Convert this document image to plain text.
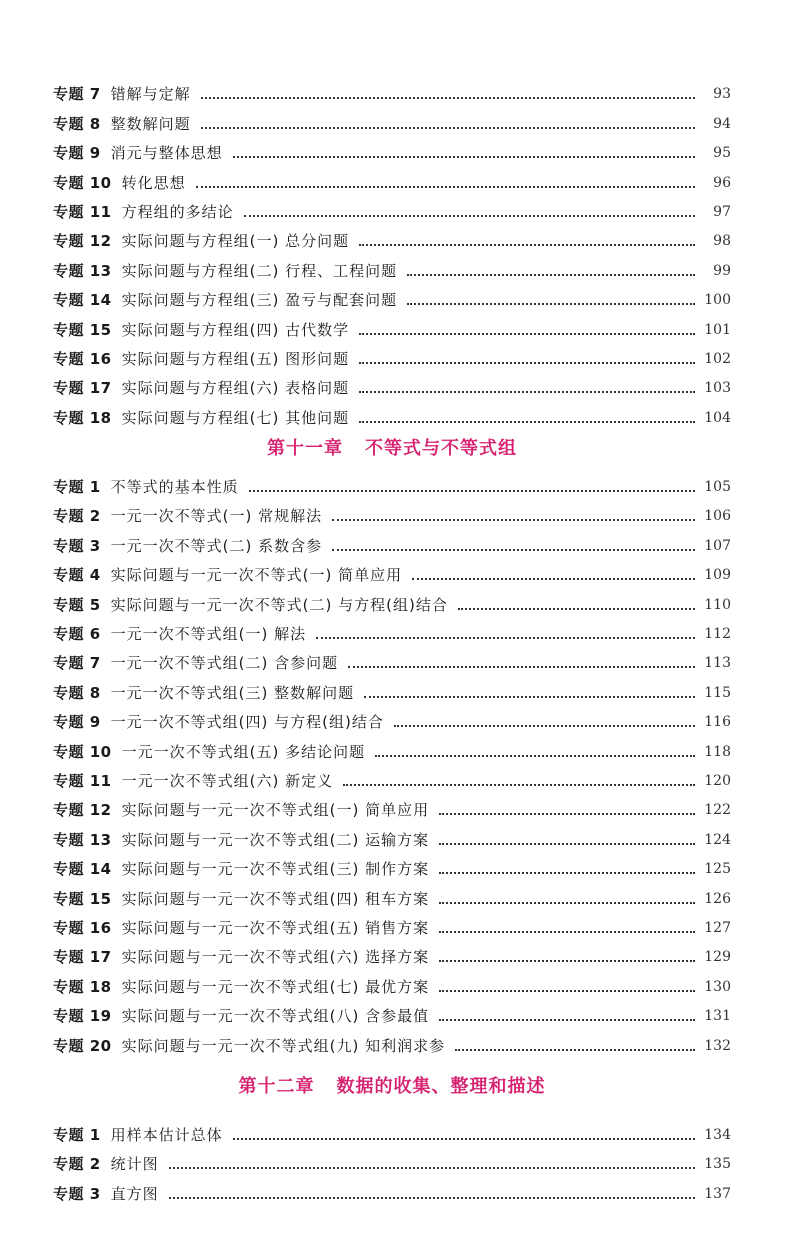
专题 7 错解与定解	93
专题 8 整数解问题	94
专题 9 消元与整体思想	95
专题 10 转化思想	96
专题 11 方程组的多结论	97
专题 12 实际问题与方程组(一) 总分问题	98
专题 13 实际问题与方程组(二) 行程、工程问题	99
专题 14 实际问题与方程组(三) 盈亏与配套问题	100
专题 15 实际问题与方程组(四) 古代数学	101
专题 16 实际问题与方程组(五) 图形问题	102
专题 17 实际问题与方程组(六) 表格问题	103
专题 18 实际问题与方程组(七) 其他问题	104
第十一章 不等式与不等式组
专题 1 不等式的基本性质	105
专题 2 一元一次不等式(一) 常规解法	106
专题 3 一元一次不等式(二) 系数含参	107
专题 4 实际问题与一元一次不等式(一) 简单应用	109
专题 5 实际问题与一元一次不等式(二) 与方程(组)结合	110
专题 6 一元一次不等式组(一) 解法	112
专题 7 一元一次不等式组(二) 含参问题	113
专题 8 一元一次不等式组(三) 整数解问题	115
专题 9 一元一次不等式组(四) 与方程(组)结合	116
专题 10 一元一次不等式组(五) 多结论问题	118
专题 11 一元一次不等式组(六) 新定义	120
专题 12 实际问题与一元一次不等式组(一) 简单应用	122
专题 13 实际问题与一元一次不等式组(二) 运输方案	124
专题 14 实际问题与一元一次不等式组(三) 制作方案	125
专题 15 实际问题与一元一次不等式组(四) 租车方案	126
专题 16 实际问题与一元一次不等式组(五) 销售方案	127
专题 17 实际问题与一元一次不等式组(六) 选择方案	129
专题 18 实际问题与一元一次不等式组(七) 最优方案	130
专题 19 实际问题与一元一次不等式组(八) 含参最值	131
专题 20 实际问题与一元一次不等式组(九) 知利润求参	132
第十二章 数据的收集、整理和描述
专题 1 用样本估计总体	134
专题 2 统计图	135
专题 3 直方图	137
